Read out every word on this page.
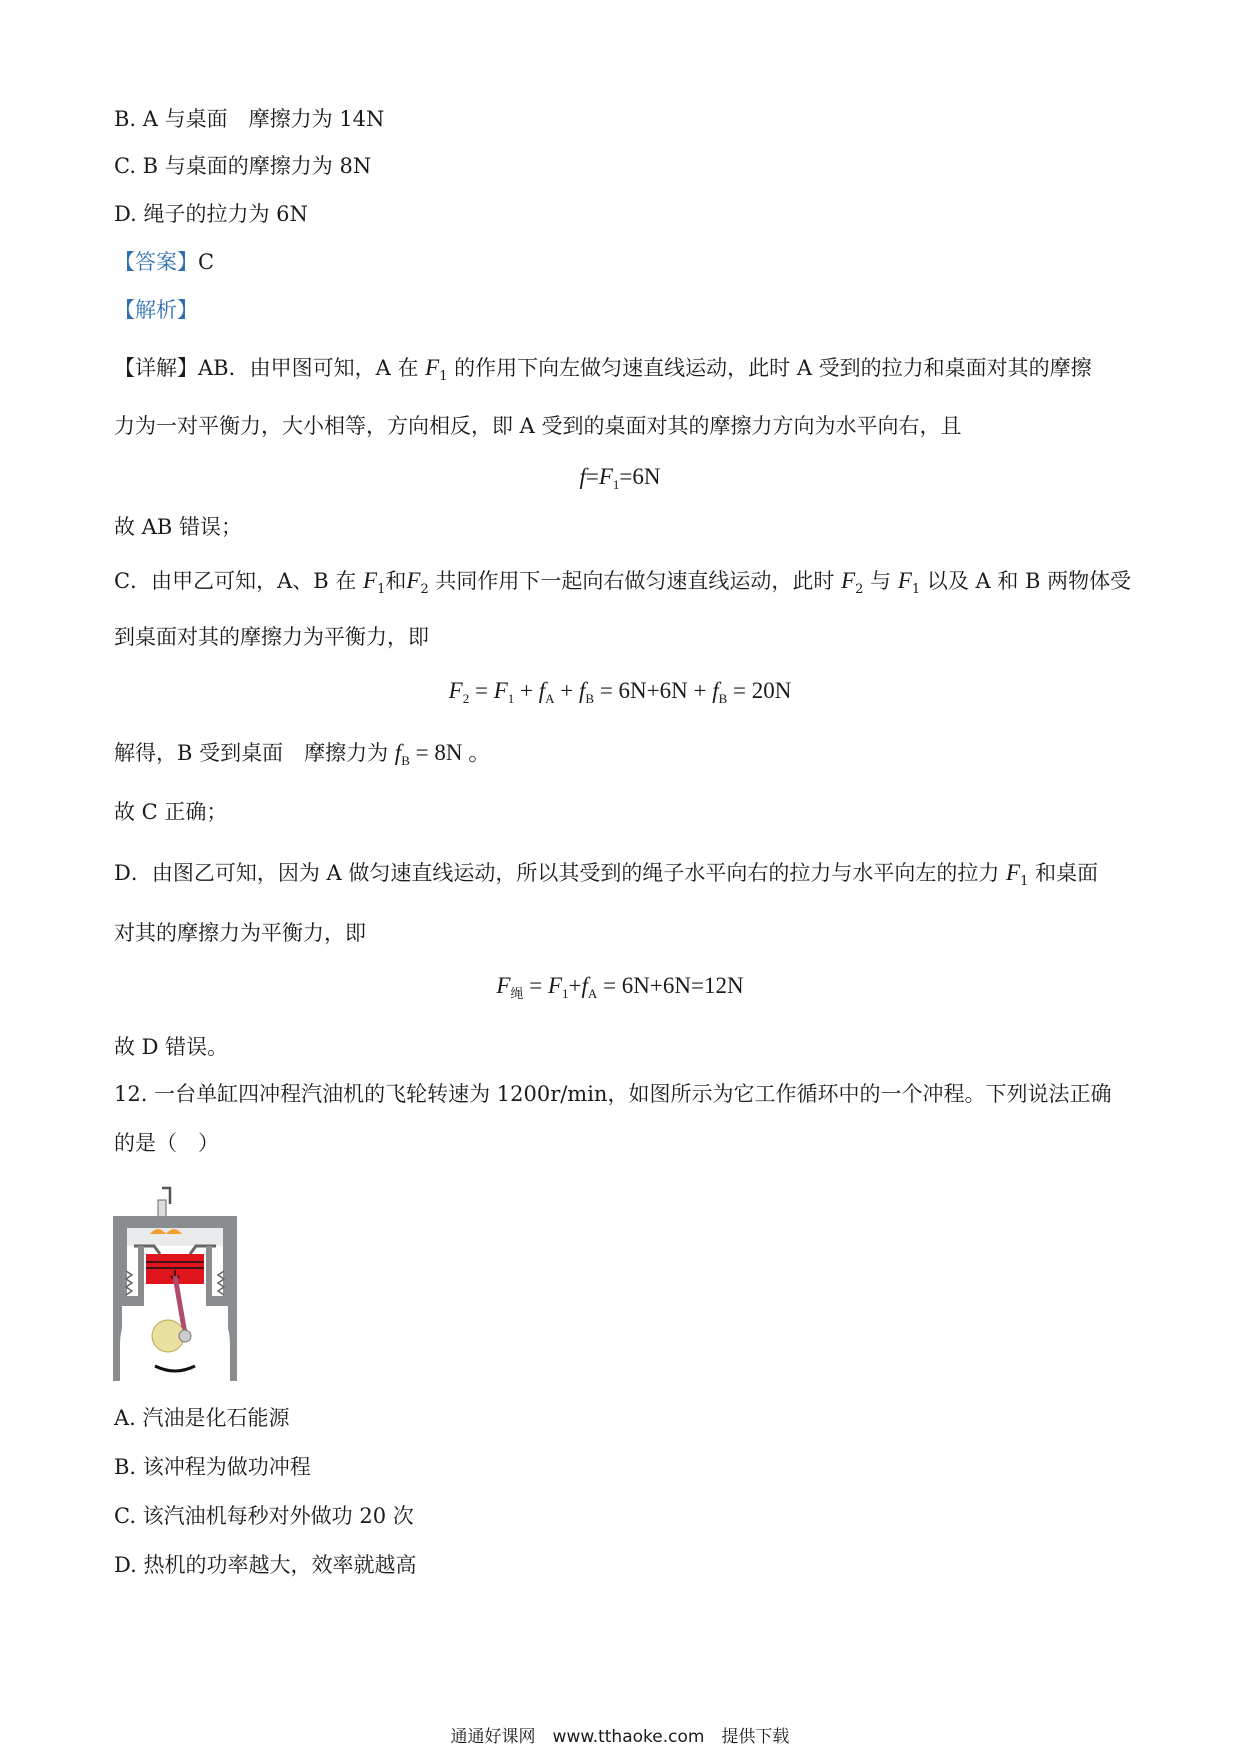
B. A 与桌面　摩擦力为 14N
C. B 与桌面的摩擦力为 8N
D. 绳子的拉力为 6N
【答案】C
【解析】
【详解】AB．由甲图可知，A 在 $F_1$ 的作用下向左做匀速直线运动，此时 A 受到的拉力和桌面对其的摩擦
力为一对平衡力，大小相等，方向相反，即 A 受到的桌面对其的摩擦力方向为水平向右，且
$f=F_1=6N$
故 AB 错误；
C．由甲乙可知，A、B 在 $F_1$和$F_2$ 共同作用下一起向右做匀速直线运动，此时 $F_2$ 与 $F_1$ 以及 A 和 B 两物体受
到桌面对其的摩擦力为平衡力，即
$F_2 = F_1 + f_A + f_B = 6N+6N + f_B = 20N$
解得，B 受到桌面　摩擦力为 $f_B = 8N$ 。
故 C 正确；
D．由图乙可知，因为 A 做匀速直线运动，所以其受到的绳子水平向右的拉力与水平向左的拉力 $F_1$ 和桌面
对其的摩擦力为平衡力，即
$F_绳 = F_1+f_A = 6N+6N=12N$
故 D 错误。
12. 一台单缸四冲程汽油机的飞轮转速为 1200r/min，如图所示为它工作循环中的一个冲程。下列说法正确
的是（　）
A. 汽油是化石能源
B. 该冲程为做功冲程
C. 该汽油机每秒对外做功 20 次
D. 热机的功率越大，效率就越高
通通好课网　www.tthaoke.com　提供下载
